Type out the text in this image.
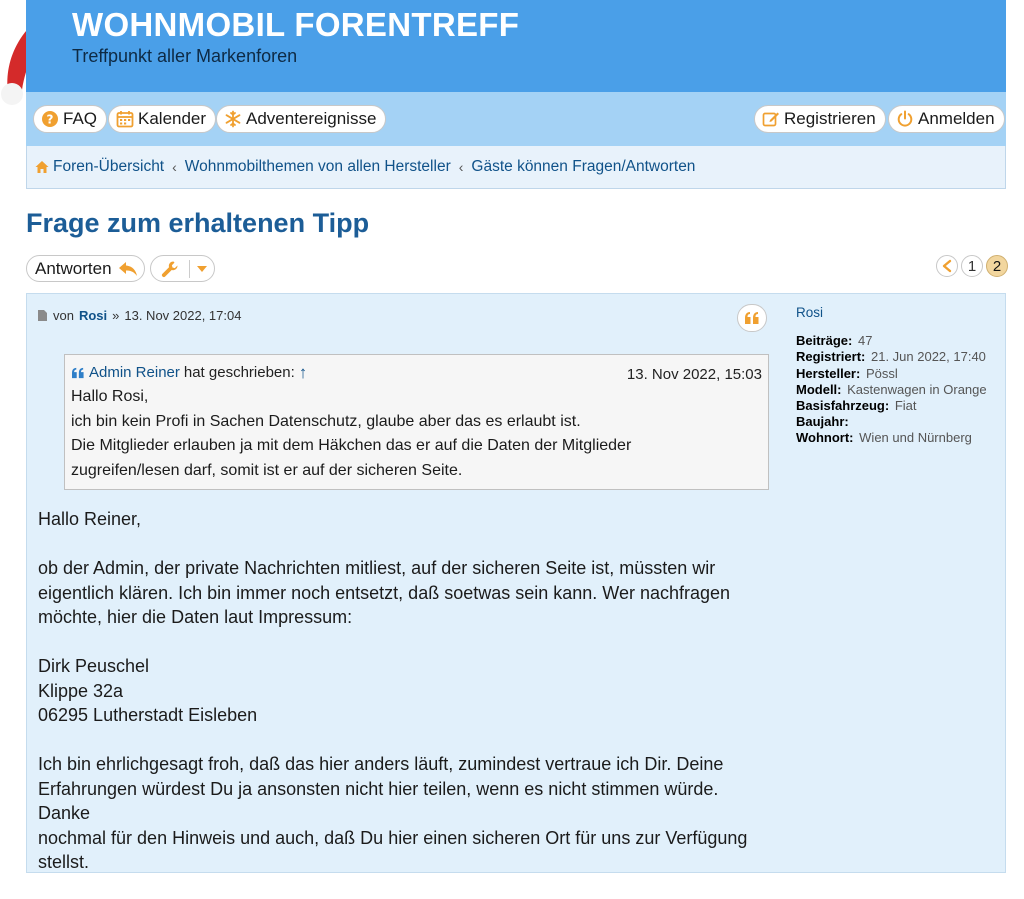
WOHNMOBIL FORENTREFF
Treffpunkt aller Markenforen
? FAQ Kalender Adventereignisse	Registrieren Anmelden
Foren-Übersicht ‹ Wohnmobilthemen von allen Hersteller ‹ Gäste können Fragen/Antworten
Frage zum erhaltenen Tipp
Antworten	1	2
von Rosi » 13. Nov 2022, 17:04
Admin Reiner hat geschrieben: ↑	13. Nov 2022, 15:03
Hallo Rosi,
ich bin kein Profi in Sachen Datenschutz, glaube aber das es erlaubt ist.
Die Mitglieder erlauben ja mit dem Häkchen das er auf die Daten der Mitglieder
zugreifen/lesen darf, somit ist er auf der sicheren Seite.

Hallo Reiner,

ob der Admin, der private Nachrichten mitliest, auf der sicheren Seite ist, müssten wir
eigentlich klären. Ich bin immer noch entsetzt, daß soetwas sein kann. Wer nachfragen
möchte, hier die Daten laut Impressum:

Dirk Peuschel
Klippe 32a
06295 Lutherstadt Eisleben

Ich bin ehrlichgesagt froh, daß das hier anders läuft, zumindest vertraue ich Dir. Deine
Erfahrungen würdest Du ja ansonsten nicht hier teilen, wenn es nicht stimmen würde. Danke
nochmal für den Hinweis und auch, daß Du hier einen sicheren Ort für uns zur Verfügung
stellst.

Rosi
Beiträge: 47
Registriert: 21. Jun 2022, 17:40
Hersteller: Pössl
Modell: Kastenwagen in Orange
Basisfahrzeug: Fiat
Baujahr:
Wohnort: Wien und Nürnberg
